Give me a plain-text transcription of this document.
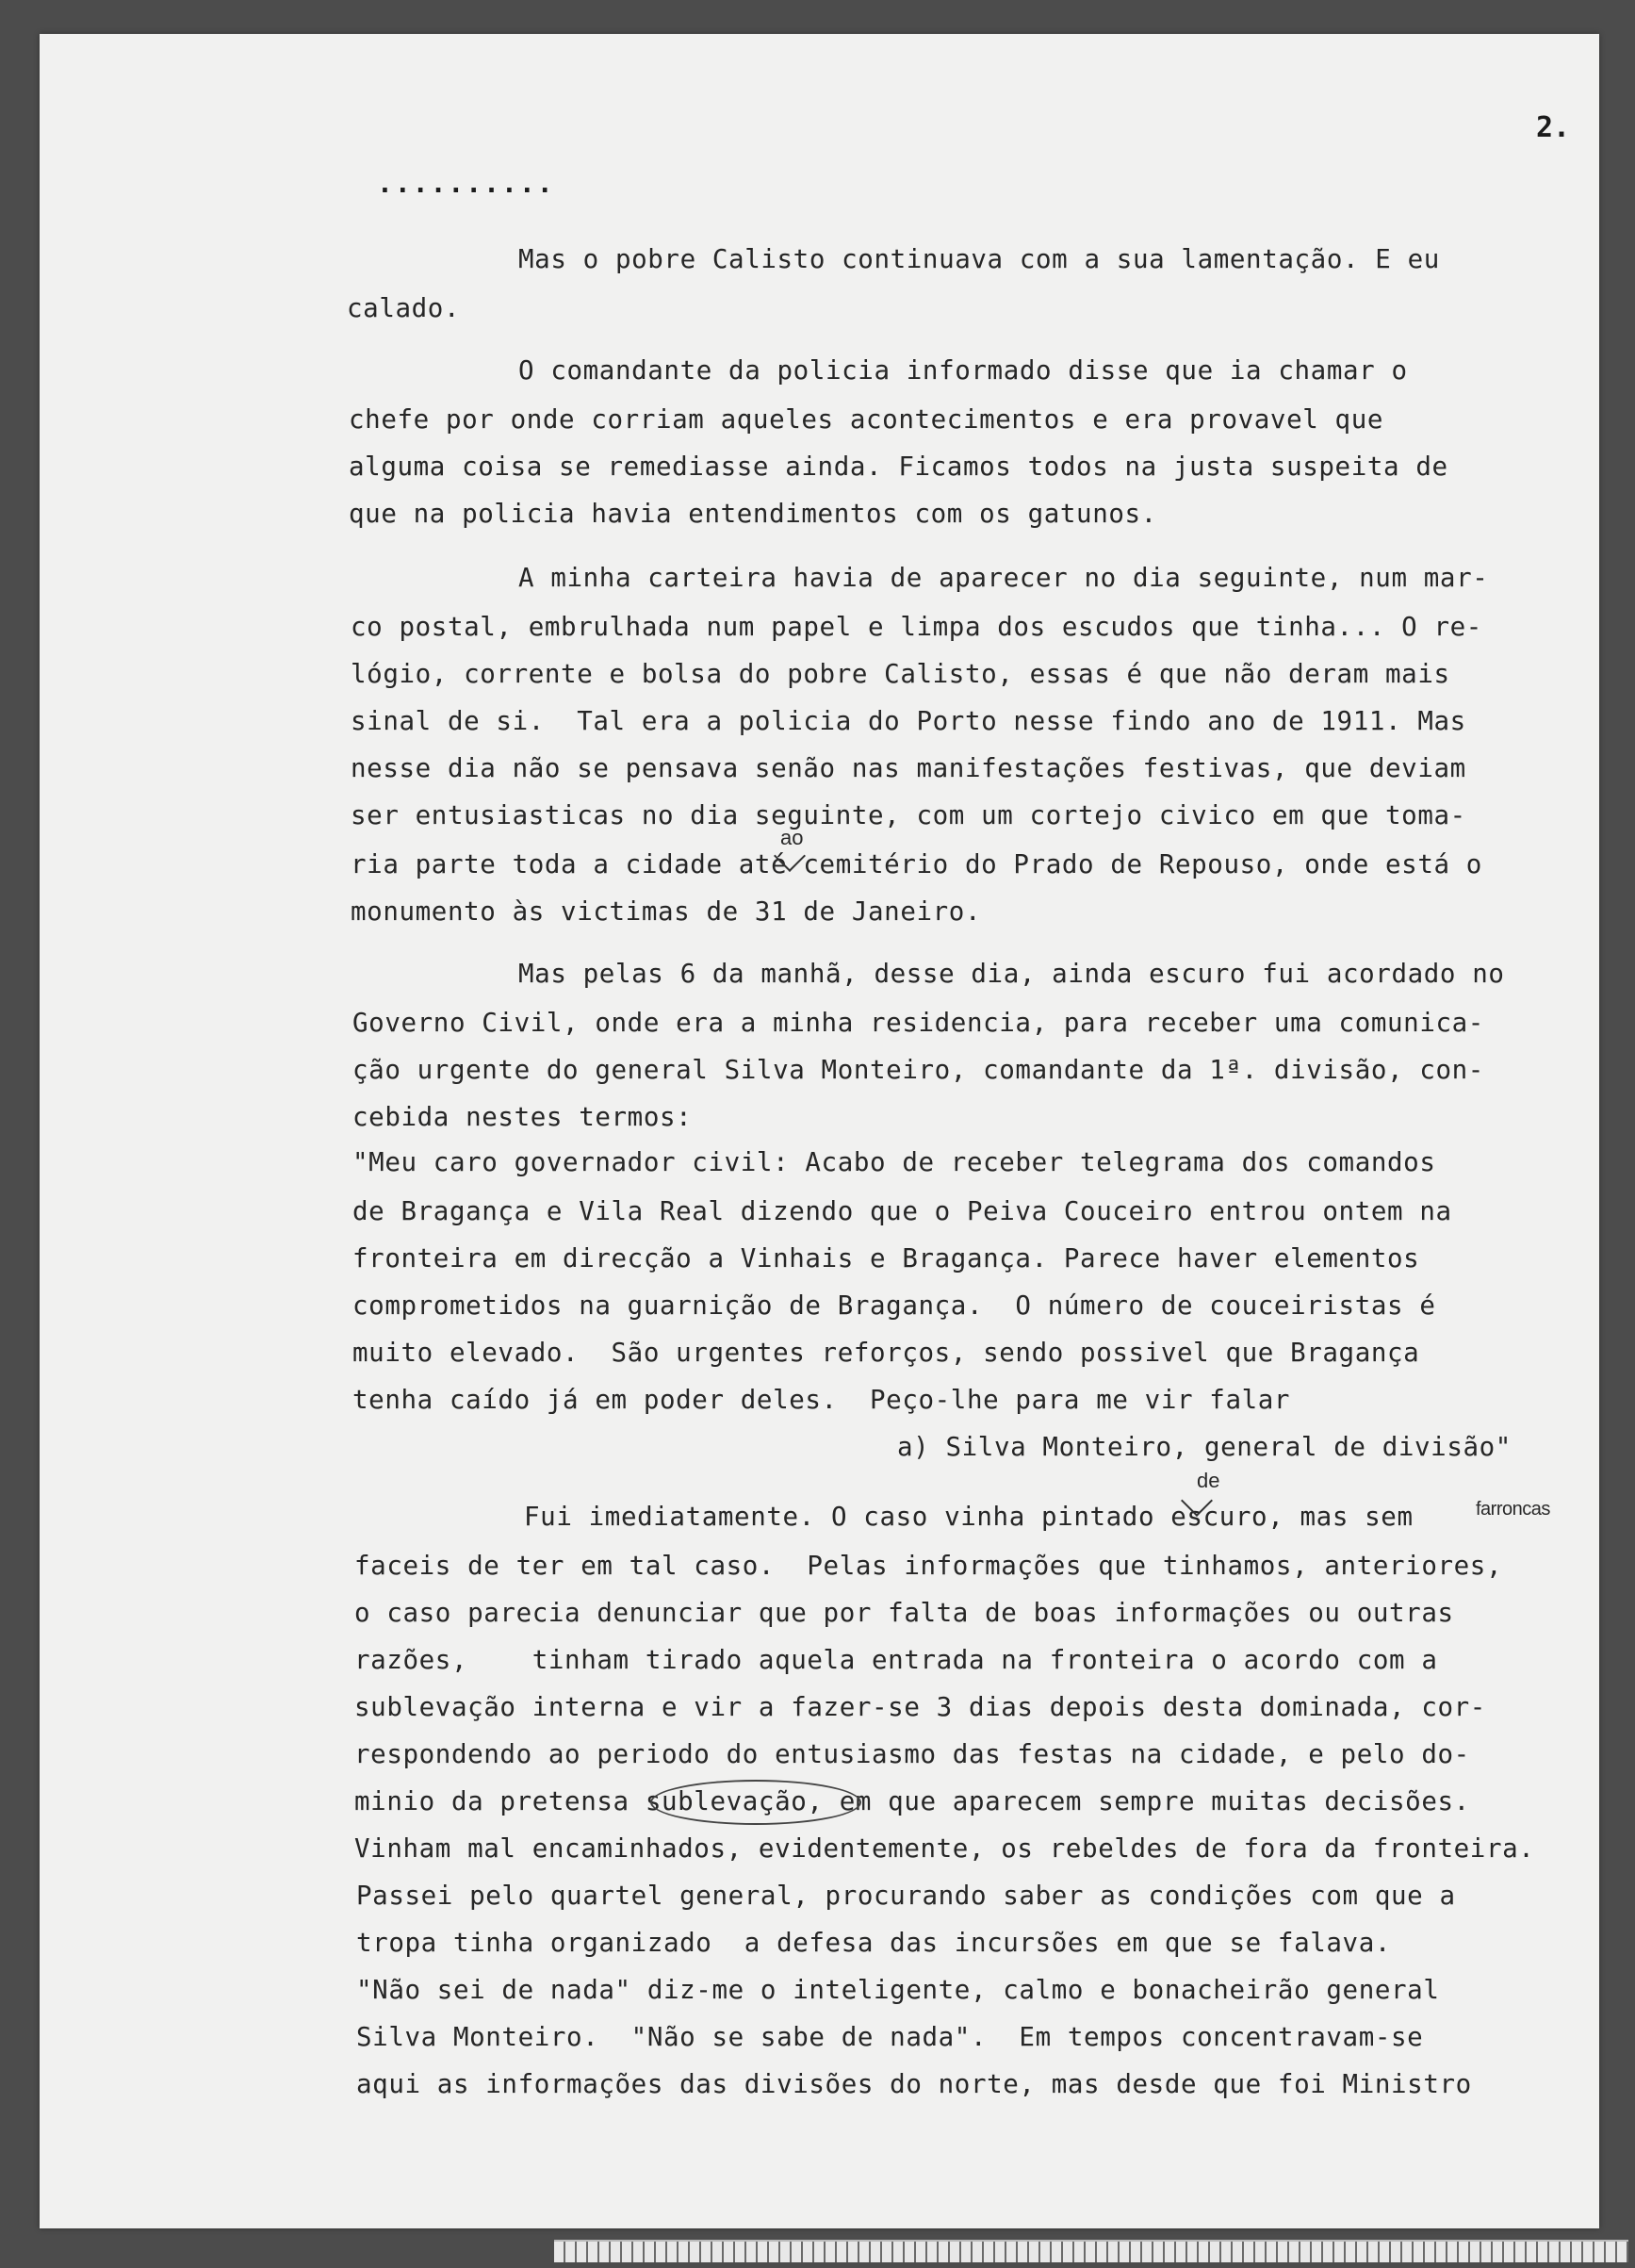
2.
..........
Mas o pobre Calisto continuava com a sua lamentação. E eu
calado.
O comandante da policia informado disse que ia chamar o
chefe por onde corriam aqueles acontecimentos e era provavel que
alguma coisa se remediasse ainda. Ficamos todos na justa suspeita de
que na policia havia entendimentos com os gatunos.
A minha carteira havia de aparecer no dia seguinte, num mar-
co postal, embrulhada num papel e limpa dos escudos que tinha... O re-
lógio, corrente e bolsa do pobre Calisto, essas é que não deram mais
sinal de si.  Tal era a policia do Porto nesse findo ano de 1911. Mas
nesse dia não se pensava senão nas manifestações festivas, que deviam
ser entusiasticas no dia seguinte, com um cortejo civico em que toma-
ria parte toda a cidade até cemitério do Prado de Repouso, onde está o
monumento às victimas de 31 de Janeiro.
Mas pelas 6 da manhã, desse dia, ainda escuro fui acordado no
Governo Civil, onde era a minha residencia, para receber uma comunica-
ção urgente do general Silva Monteiro, comandante da 1ª. divisão, con-
cebida nestes termos:
"Meu caro governador civil: Acabo de receber telegrama dos comandos
de Bragança e Vila Real dizendo que o Peiva Couceiro entrou ontem na
fronteira em direcção a Vinhais e Bragança. Parece haver elementos
comprometidos na guarnição de Bragança.  O número de couceiristas é
muito elevado.  São urgentes reforços, sendo possivel que Bragança
tenha caído já em poder deles.  Peço-lhe para me vir falar
a) Silva Monteiro, general de divisão"
Fui imediatamente. O caso vinha pintado escuro, mas sem
faceis de ter em tal caso.  Pelas informações que tinhamos, anteriores,
o caso parecia denunciar que por falta de boas informações ou outras
razões,    tinham tirado aquela entrada na fronteira o acordo com a
sublevação interna e vir a fazer-se 3 dias depois desta dominada, cor-
respondendo ao periodo do entusiasmo das festas na cidade, e pelo do-
minio da pretensa sublevação, em que aparecem sempre muitas decisões.
Vinham mal encaminhados, evidentemente, os rebeldes de fora da fronteira.
Passei pelo quartel general, procurando saber as condições com que a
tropa tinha organizado  a defesa das incursões em que se falava.
"Não sei de nada" diz-me o inteligente, calmo e bonacheirão general
Silva Monteiro.  "Não se sabe de nada".  Em tempos concentravam-se
aqui as informações das divisões do norte, mas desde que foi Ministro
ao
de
farroncas
